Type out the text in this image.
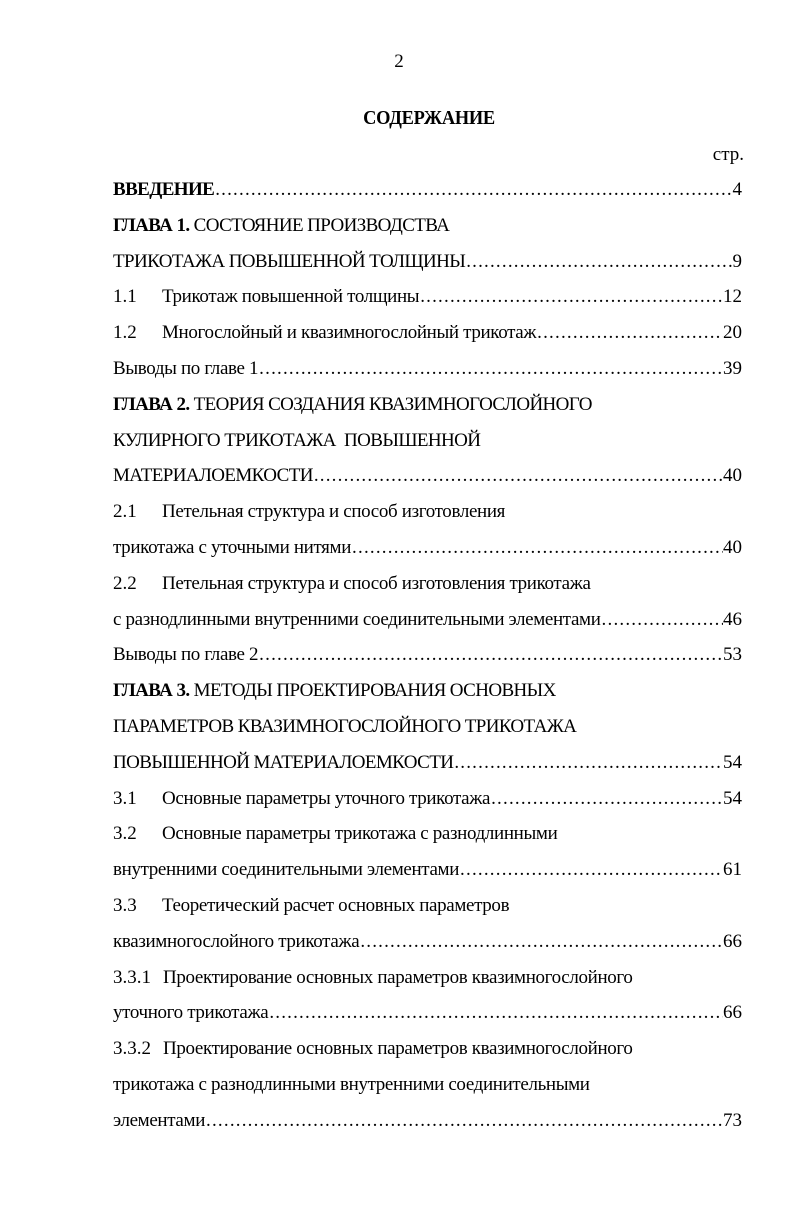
2
СОДЕРЖАНИЕ
стр.
ВВЕДЕНИЕ .....	4
ГЛАВА 1. СОСТОЯНИЕ ПРОИЗВОДСТВА
ТРИКОТАЖА ПОВЫШЕННОЙ ТОЛЩИНЫ .....	9
1.1	Трикотаж повышенной толщины .....	12
1.2	Многослойный и квазимногослойный трикотаж .....	20
Выводы по главе 1 .....	39
ГЛАВА 2. ТЕОРИЯ СОЗДАНИЯ КВАЗИМНОГОСЛОЙНОГО
КУЛИРНОГО ТРИКОТАЖА  ПОВЫШЕННОЙ
МАТЕРИАЛОЕМКОСТИ .....	40
2.1	Петельная структура и способ изготовления
трикотажа с уточными нитями .....	40
2.2	Петельная структура и способ изготовления трикотажа
с разнодлинными внутренними соединительными элементами .....	46
Выводы по главе 2 .....	53
ГЛАВА 3. МЕТОДЫ ПРОЕКТИРОВАНИЯ ОСНОВНЫХ
ПАРАМЕТРОВ КВАЗИМНОГОСЛОЙНОГО ТРИКОТАЖА
ПОВЫШЕННОЙ МАТЕРИАЛОЕМКОСТИ .....	54
3.1	Основные параметры уточного трикотажа .....	54
3.2	Основные параметры трикотажа с разнодлинными
внутренними соединительными элементами .....	61
3.3	Теоретический расчет основных параметров
квазимногослойного трикотажа .....	66
3.3.1 Проектирование основных параметров квазимногослойного
уточного трикотажа .....	66
3.3.2 Проектирование основных параметров квазимногослойного
трикотажа с разнодлинными внутренними соединительными
элементами .....	73
